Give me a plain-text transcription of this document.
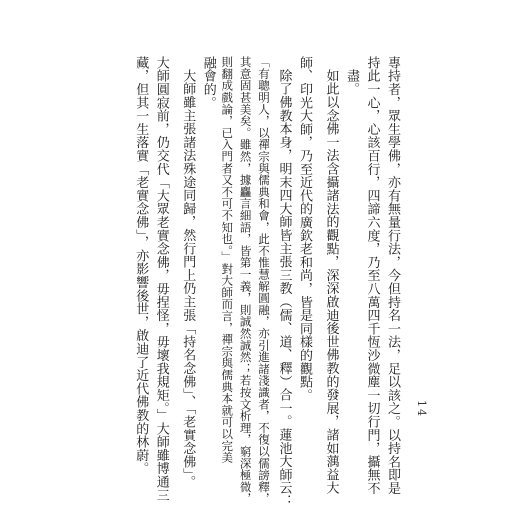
專持者，眾生學佛，亦有無量行法，今但持名一法，足以該之。以持名即是
持此一心，心該百行，四諦六度，乃至八萬四千恆沙微塵一切行門，攝無不
盡。
如此以念佛一法含攝諸法的觀點，深深啟迪後世佛教的發展，諸如蕅益大
師、印光大師，乃至近代的廣欽老和尚，皆是同樣的觀點。
除了佛教本身，明末四大師皆主張三教（儒、道、釋）合一。蓮池大師云：
「有聰明人，以禪宗與儒典和會，此不惟慧解圓融，亦引進諸淺識者，不復以儒謗釋，
其意固甚美矣。雖然，據麤言細語，皆第一義，則誠然誠然；若按文析理，窮深極微，
則翻成戲論，已入門者又不可不知也。」對大師而言，禪宗與儒典本就可以完美
融會的。
大師雖主張諸法殊途同歸，然行門上仍主張「持名念佛」、「老實念佛」。
大師圓寂前，仍交代「大眾老實念佛，毋捏怪，毋壞我規矩。」大師雖博通三
藏，但其一生落實「老實念佛」，亦影響後世，啟迪了近代佛教的林蔚。	14
